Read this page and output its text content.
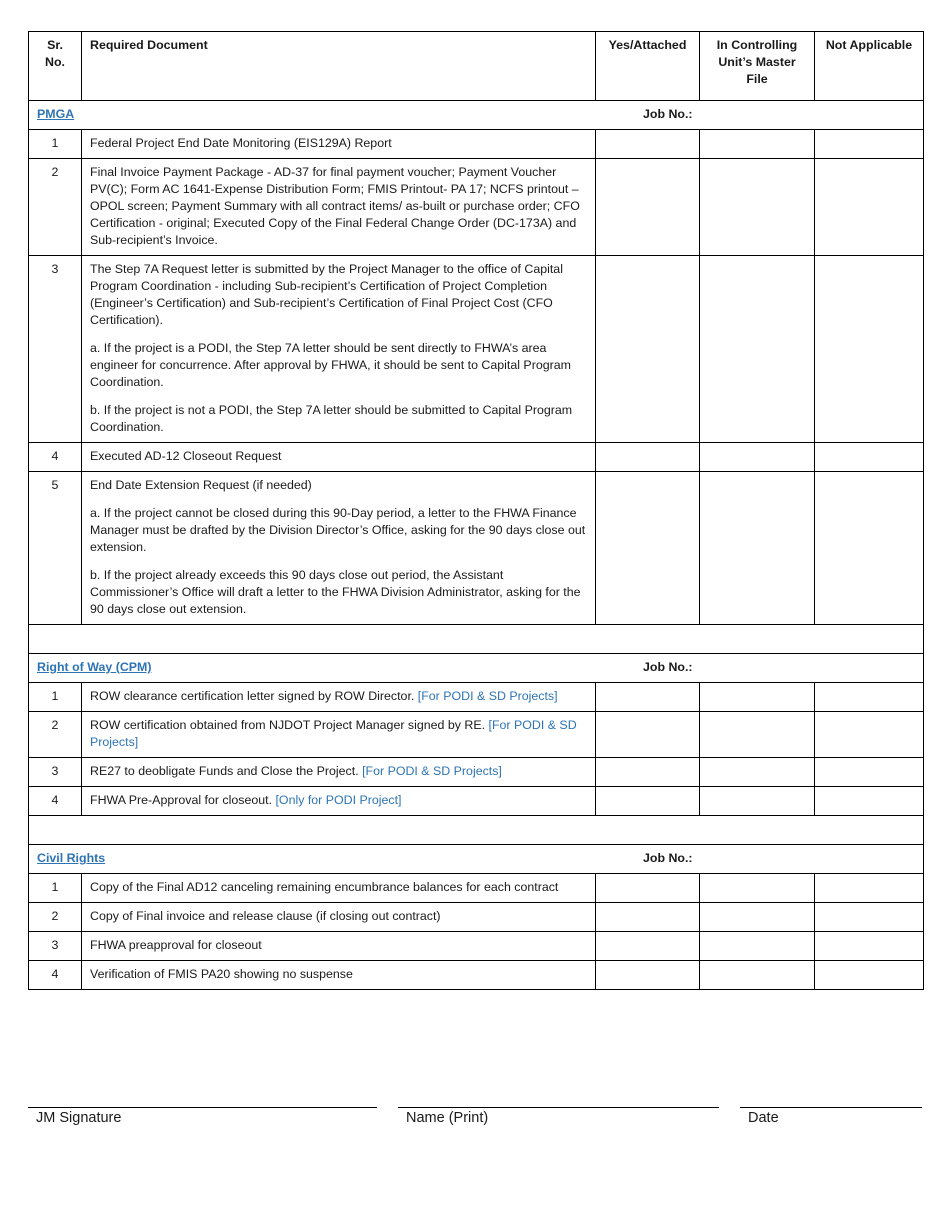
Sr. No.	Required Document	Yes/Attached	In Controlling Unit’s Master File	Not Applicable
PMGA Job No.:				

1	Federal Project End Date Monitoring (EIS129A) Report			

2	Final Invoice Payment Package - AD-37 for final payment voucher; Payment Voucher PV(C); Form AC 1641-Expense Distribution Form; FMIS Printout- PA 17; NCFS printout – OPOL screen; Payment Summary with all contract items/ as-built or purchase order; CFO Certification - original; Executed Copy of the Final Federal Change Order (DC-173A) and Sub-recipient’s Invoice.			

3	The Step 7A Request letter is submitted by the Project Manager to the office of Capital Program Coordination - including Sub-recipient’s Certification of Project Completion (Engineer’s Certification) and Sub-recipient’s Certification of Final Project Cost (CFO Certification).

a. If the project is a PODI, the Step 7A letter should be sent directly to FHWA’s area engineer for concurrence. After approval by FHWA, it should be sent to Capital Program Coordination.

b. If the project is not a PODI, the Step 7A letter should be submitted to Capital Program Coordination.			

4	Executed AD-12 Closeout Request			

5	End Date Extension Request (if needed)

a. If the project cannot be closed during this 90-Day period, a letter to the FHWA Finance Manager must be drafted by the Division Director’s Office, asking for the 90 days close out extension.

b. If the project already exceeds this 90 days close out period, the Assistant Commissioner’s Office will draft a letter to the FHWA Division Administrator, asking for the 90 days close out extension.			

Right of Way (CPM) Job No.:				

1	ROW clearance certification letter signed by ROW Director. [For PODI & SD Projects]			
2	ROW certification obtained from NJDOT Project Manager signed by RE. [For PODI & SD Projects]			
3	RE27 to deobligate Funds and Close the Project. [For PODI & SD Projects]			
4	FHWA Pre-Approval for closeout. [Only for PODI Project]			

Civil Rights Job No.:				

1	Copy of the Final AD12 canceling remaining encumbrance balances for each contract			
2	Copy of Final invoice and release clause (if closing out contract)			
3	FHWA preapproval for closeout			
4	Verification of FMIS PA20 showing no suspense			
JM Signature	Name (Print)	Date
